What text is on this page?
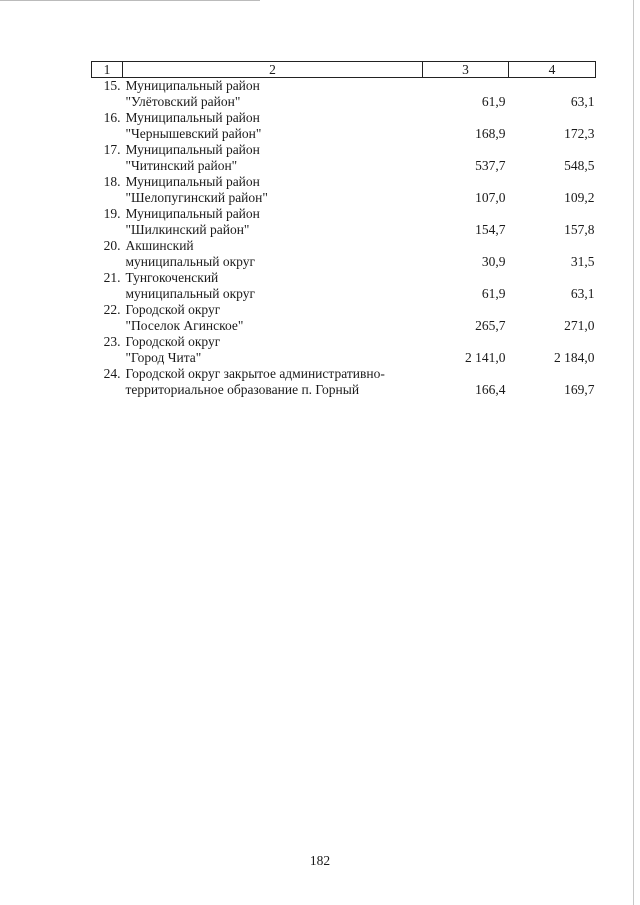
1	2	3	4
15.	Муниципальный район
"Улётовский район"	61,9	63,1
16.	Муниципальный район
"Чернышевский район"	168,9	172,3
17.	Муниципальный район
"Читинский район"	537,7	548,5
18.	Муниципальный район
"Шелопугинский район"	107,0	109,2
19.	Муниципальный район
"Шилкинский район"	154,7	157,8
20.	Акшинский
муниципальный округ	30,9	31,5
21.	Тунгокоченский
муниципальный округ	61,9	63,1
22.	Городской округ
"Поселок Агинское"	265,7	271,0
23.	Городской округ
"Город Чита"	2 141,0	2 184,0
24.	Городской округ закрытое административно-
территориальное образование п. Горный	166,4	169,7
182
